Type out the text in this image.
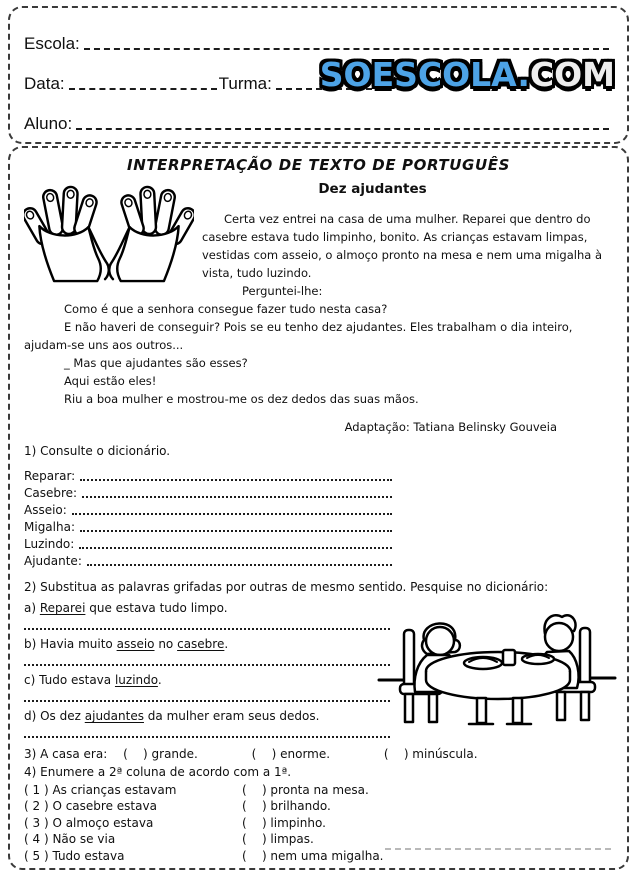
Escola:
Data:	Turma:
Aluno:
SOESCOLA.COM
INTERPRETAÇÃO DE TEXTO DE PORTUGUÊS
Dez ajudantes
Certa vez entrei na casa de uma mulher. Reparei que dentro do casebre estava tudo limpinho, bonito. As crianças estavam limpas, vestidas com asseio, o almoço pronto na mesa e nem uma migalha à vista, tudo luzindo.
Perguntei-lhe:
Como é que a senhora consegue fazer tudo nesta casa?
E não haveri de conseguir? Pois se eu tenho dez ajudantes. Eles trabalham o dia inteiro, ajudam-se uns aos outros...
_ Mas que ajudantes são esses?
Aqui estão eles!
Riu a boa mulher e mostrou-me os dez dedos das suas mãos.
Adaptação: Tatiana Belinsky Gouveia
1) Consulte o dicionário.
Reparar:
Casebre:
Asseio:
Migalha:
Luzindo:
Ajudante:
2) Substitua as palavras grifadas por outras de mesmo sentido. Pesquise no dicionário:
a) Reparei que estava tudo limpo.
b) Havia muito asseio no casebre.
c) Tudo estava luzindo.
d) Os dez ajudantes da mulher eram seus dedos.
3) A casa era: (    ) grande.	(    ) enorme.	(    ) minúscula.
4) Enumere a 2ª coluna de acordo com a 1ª.
( 1 ) As crianças estavam	(    ) pronta na mesa.
( 2 ) O casebre estava	(    ) brilhando.
( 3 ) O almoço estava	(    ) limpinho.
( 4 ) Não se via	(    ) limpas.
( 5 ) Tudo estava	(    ) nem uma migalha.
